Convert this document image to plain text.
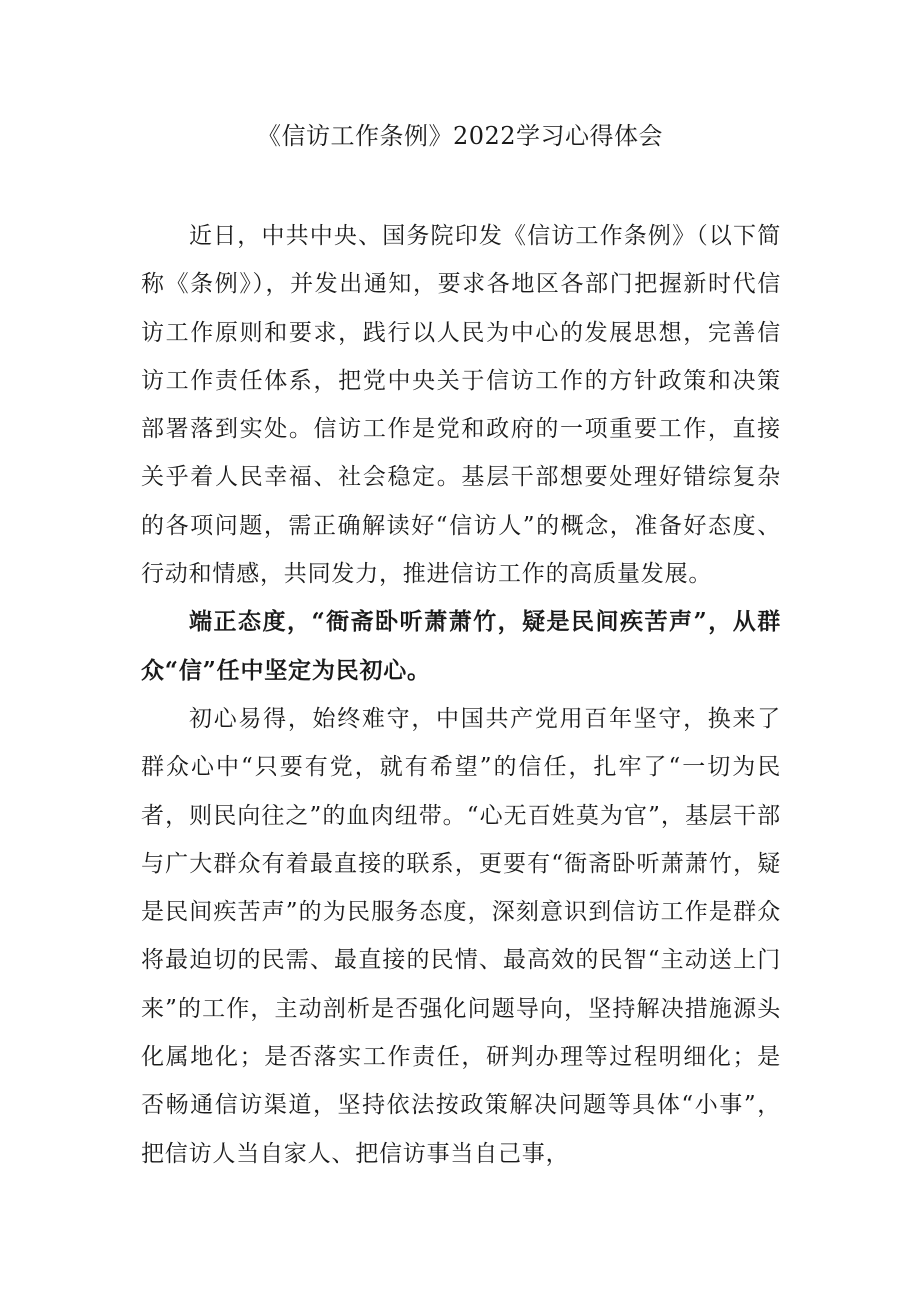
《信访工作条例》2022学习心得体会

近日，中共中央、国务院印发《信访工作条例》（以下简称《条例》），并发出通知，要求各地区各部门把握新时代信访工作原则和要求，践行以人民为中心的发展思想，完善信访工作责任体系，把党中央关于信访工作的方针政策和决策部署落到实处。信访工作是党和政府的一项重要工作，直接关乎着人民幸福、社会稳定。基层干部想要处理好错综复杂的各项问题，需正确解读好“信访人”的概念，准备好态度、行动和情感，共同发力，推进信访工作的高质量发展。

端正态度，“衙斋卧听萧萧竹，疑是民间疾苦声”，从群众“信”任中坚定为民初心。

初心易得，始终难守，中国共产党用百年坚守，换来了群众心中“只要有党，就有希望”的信任，扎牢了“一切为民者，则民向往之”的血肉纽带。“心无百姓莫为官”，基层干部与广大群众有着最直接的联系，更要有“衙斋卧听萧萧竹，疑是民间疾苦声”的为民服务态度，深刻意识到信访工作是群众将最迫切的民需、最直接的民情、最高效的民智“主动送上门来”的工作，主动剖析是否强化问题导向，坚持解决措施源头化属地化；是否落实工作责任，研判办理等过程明细化；是否畅通信访渠道，坚持依法按政策解决问题等具体“小事”，把信访人当自家人、把信访事当自己事，
